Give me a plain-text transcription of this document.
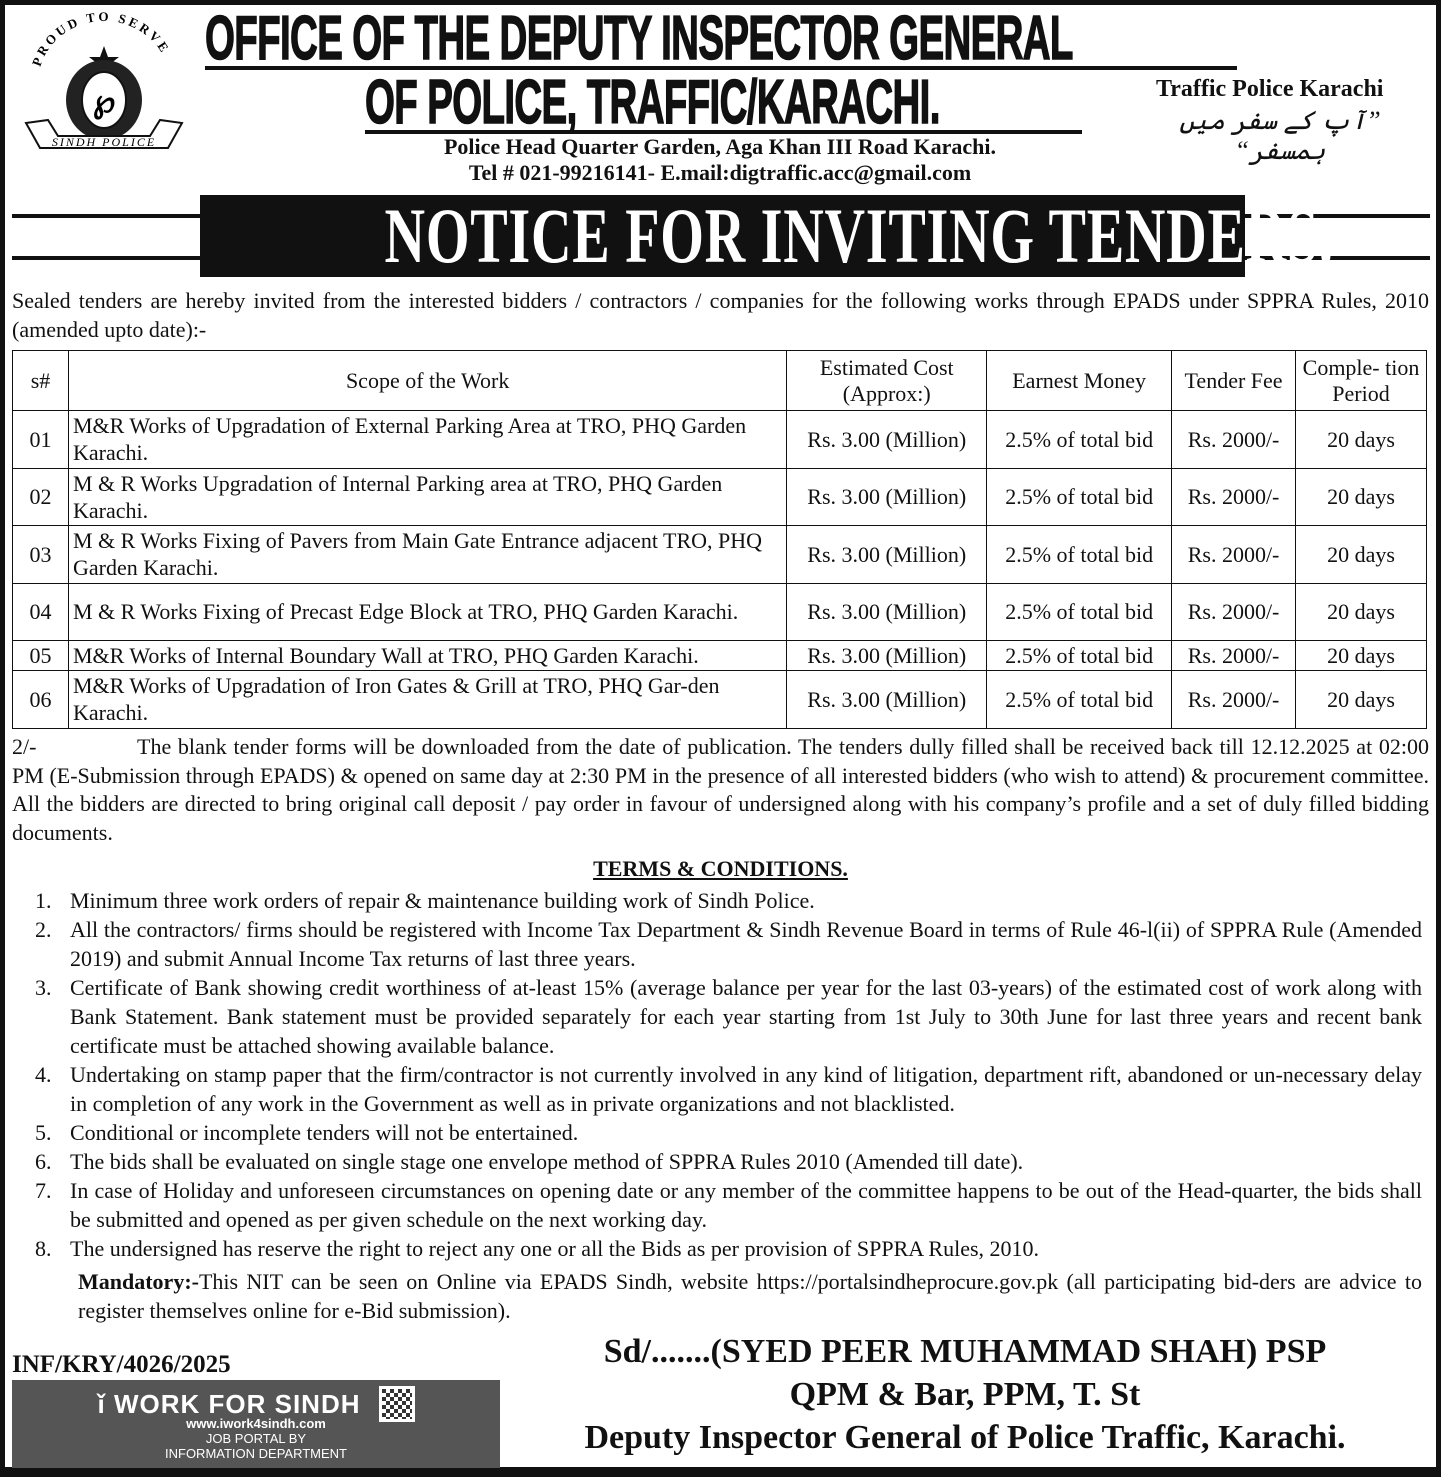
PROUD TO SERVE
℘
SINDH POLICE
OFFICE OF THE DEPUTY INSPECTOR GENERAL
OF POLICE, TRAFFIC/KARACHI.
Police Head Quarter Garden, Aga Khan III Road Karachi.
Tel # 021-99216141- E.mail:digtraffic.acc@gmail.com
Traffic Police Karachi
”آپ کے سفر میں ہمسفر“
NOTICE FOR INVITING TENDERS.
Sealed tenders are hereby invited from the interested bidders / contractors / companies for the following works through EPADS under SPPRA Rules, 2010 (amended upto date):-
s#	Scope of the Work	Estimated Cost (Approx:)	Earnest Money	Tender Fee	Comple- tion Period
01	M&R Works of Upgradation of External Parking Area at TRO, PHQ Garden Karachi.	Rs. 3.00 (Million)	2.5% of total bid	Rs. 2000/-	20 days
02	M & R Works Upgradation of Internal Parking area at TRO, PHQ Garden Karachi.	Rs. 3.00 (Million)	2.5% of total bid	Rs. 2000/-	20 days
03	M & R Works Fixing of Pavers from Main Gate Entrance adjacent TRO, PHQ Garden Karachi.	Rs. 3.00 (Million)	2.5% of total bid	Rs. 2000/-	20 days
04	M & R Works Fixing of Precast Edge Block at TRO, PHQ Garden Karachi.	Rs. 3.00 (Million)	2.5% of total bid	Rs. 2000/-	20 days
05	M&R Works of Internal Boundary Wall at TRO, PHQ Garden Karachi.	Rs. 3.00 (Million)	2.5% of total bid	Rs. 2000/-	20 days
06	M&R Works of Upgradation of Iron Gates & Grill at TRO, PHQ Gar-den Karachi.	Rs. 3.00 (Million)	2.5% of total bid	Rs. 2000/-	20 days
2/-	The blank tender forms will be downloaded from the date of publication. The tenders dully filled shall be received back till 12.12.2025 at 02:00 PM (E-Submission through EPADS) & opened on same day at 2:30 PM in the presence of all interested bidders (who wish to attend) & procurement committee. All the bidders are directed to bring original call deposit / pay order in favour of undersigned along with his company’s profile and a set of duly filled bidding documents.
TERMS & CONDITIONS.
1. Minimum three work orders of repair & maintenance building work of Sindh Police.
2. All the contractors/ firms should be registered with Income Tax Department & Sindh Revenue Board in terms of Rule 46-l(ii) of SPPRA Rule (Amended 2019) and submit Annual Income Tax returns of last three years.
3. Certificate of Bank showing credit worthiness of at-least 15% (average balance per year for the last 03-years) of the estimated cost of work along with Bank Statement. Bank statement must be provided separately for each year starting from 1st July to 30th June for last three years and recent bank certificate must be attached showing available balance.
4. Undertaking on stamp paper that the firm/contractor is not currently involved in any kind of litigation, department rift, abandoned or un-necessary delay in completion of any work in the Government as well as in private organizations and not blacklisted.
5. Conditional or incomplete tenders will not be entertained.
6. The bids shall be evaluated on single stage one envelope method of SPPRA Rules 2010 (Amended till date).
7. In case of Holiday and unforeseen circumstances on opening date or any member of the committee happens to be out of the Head-quarter, the bids shall be submitted and opened as per given schedule on the next working day.
8. The undersigned has reserve the right to reject any one or all the Bids as per provision of SPPRA Rules, 2010.
Mandatory:-This NIT can be seen on Online via EPADS Sindh, website https://portalsindheprocure.gov.pk (all participating bid-ders are advice to register themselves online for e-Bid submission).
INF/KRY/4026/2025
ǐ WORK FOR SINDH
www.iwork4sindh.com
JOB PORTAL BY
INFORMATION DEPARTMENT
Sd/.......(SYED PEER MUHAMMAD SHAH) PSP
QPM & Bar, PPM, T. St
Deputy Inspector General of Police Traffic, Karachi.
